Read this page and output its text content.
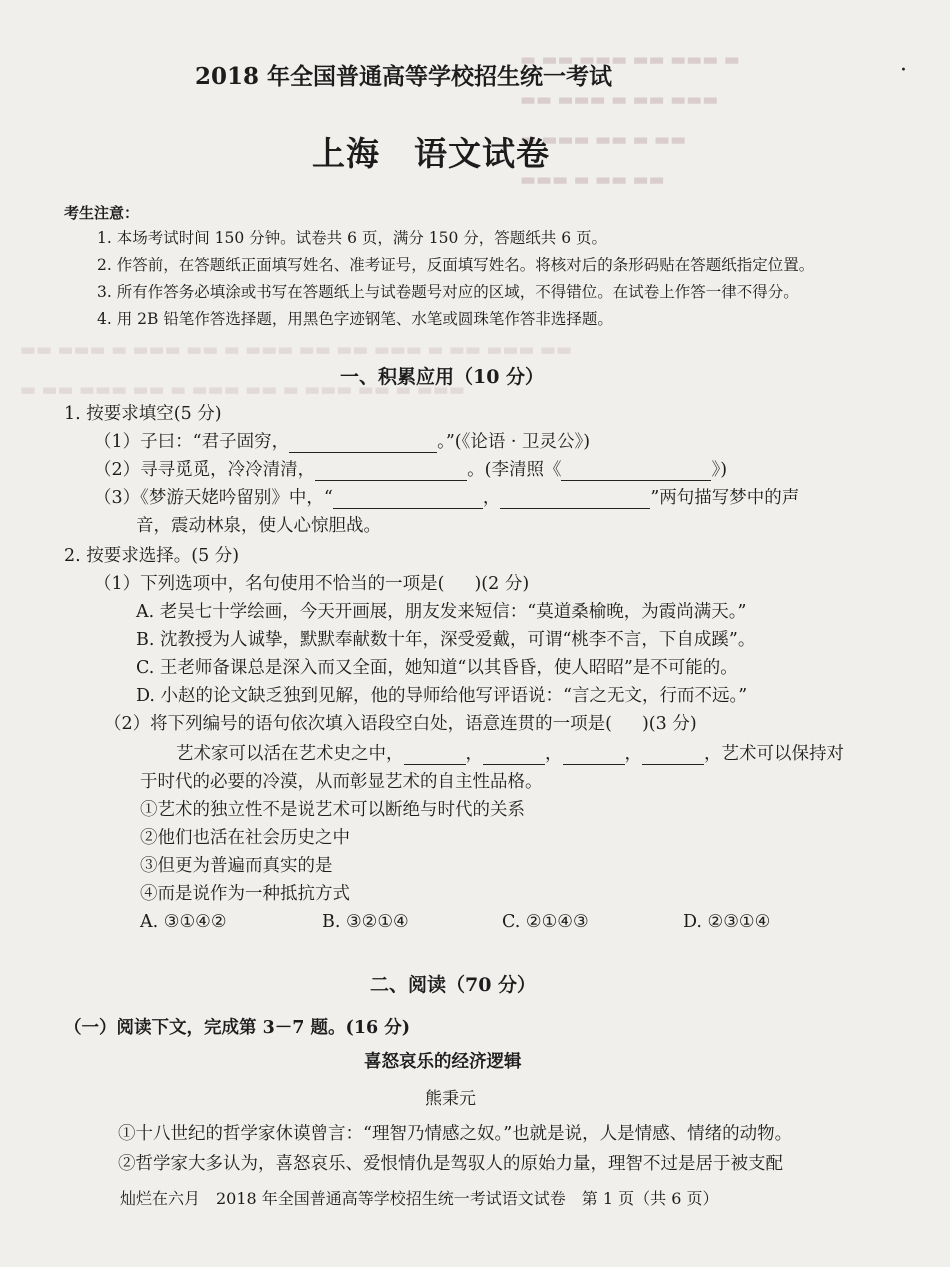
▬ ▬▬ ▬▬▬ ▬▬ ▬▬▬ ▬
▬▬ ▬▬▬ ▬ ▬▬ ▬▬▬
▬ ▬▬▬ ▬▬ ▬ ▬▬
▬▬▬ ▬ ▬▬ ▬▬
▬▬ ▬▬▬ ▬ ▬▬▬ ▬▬ ▬ ▬▬▬ ▬▬ ▬▬ ▬▬▬ ▬ ▬▬ ▬▬▬ ▬▬
▬ ▬▬ ▬▬▬ ▬▬ ▬ ▬▬▬ ▬▬ ▬ ▬▬▬ ▬▬ ▬ ▬▬▬
2018 年全国普通高等学校招生统一考试
上海 语文试卷
·
考生注意：
1. 本场考试时间 150 分钟。试卷共 6 页，满分 150 分，答题纸共 6 页。
2. 作答前，在答题纸正面填写姓名、准考证号，反面填写姓名。将核对后的条形码贴在答题纸指定位置。
3. 所有作答务必填涂或书写在答题纸上与试卷题号对应的区域，不得错位。在试卷上作答一律不得分。
4. 用 2B 铅笔作答选择题，用黑色字迹钢笔、水笔或圆珠笔作答非选择题。
一、积累应用（10 分）
1. 按要求填空(5 分)
（1）子曰：“君子固穷，	。”(《论语 · 卫灵公》)
（2）寻寻觅觅，冷冷清清，	。(李清照《	》)
（3）《梦游天姥吟留别》中，“	，	”两句描写梦中的声
音，震动林泉，使人心惊胆战。
2. 按要求选择。(5 分)
（1）下列选项中，名句使用不恰当的一项是( )(2 分)
A. 老吴七十学绘画，今天开画展，朋友发来短信：“莫道桑榆晚，为霞尚满天。”
B. 沈教授为人诚挚，默默奉献数十年，深受爱戴，可谓“桃李不言，下自成蹊”。
C. 王老师备课总是深入而又全面，她知道“以其昏昏，使人昭昭”是不可能的。
D. 小赵的论文缺乏独到见解，他的导师给他写评语说：“言之无文，行而不远。”
（2）将下列编号的语句依次填入语段空白处，语意连贯的一项是( )(3 分)
艺术家可以活在艺术史之中，	，	，	，	，艺术可以保持对
于时代的必要的冷漠，从而彰显艺术的自主性品格。
①艺术的独立性不是说艺术可以断绝与时代的关系
②他们也活在社会历史之中
③但更为普遍而真实的是
④而是说作为一种抵抗方式
A. ③①④②	B. ③②①④	C. ②①④③	D. ②③①④
二、阅读（70 分）
（一）阅读下文，完成第 3－7 题。(16 分)
喜怒哀乐的经济逻辑
熊秉元
①十八世纪的哲学家休谟曾言：“理智乃情感之奴。”也就是说，人是情感、情绪的动物。
②哲学家大多认为，喜怒哀乐、爱恨情仇是驾驭人的原始力量，理智不过是居于被支配
灿烂在六月　2018 年全国普通高等学校招生统一考试语文试卷　第 1 页（共 6 页）
